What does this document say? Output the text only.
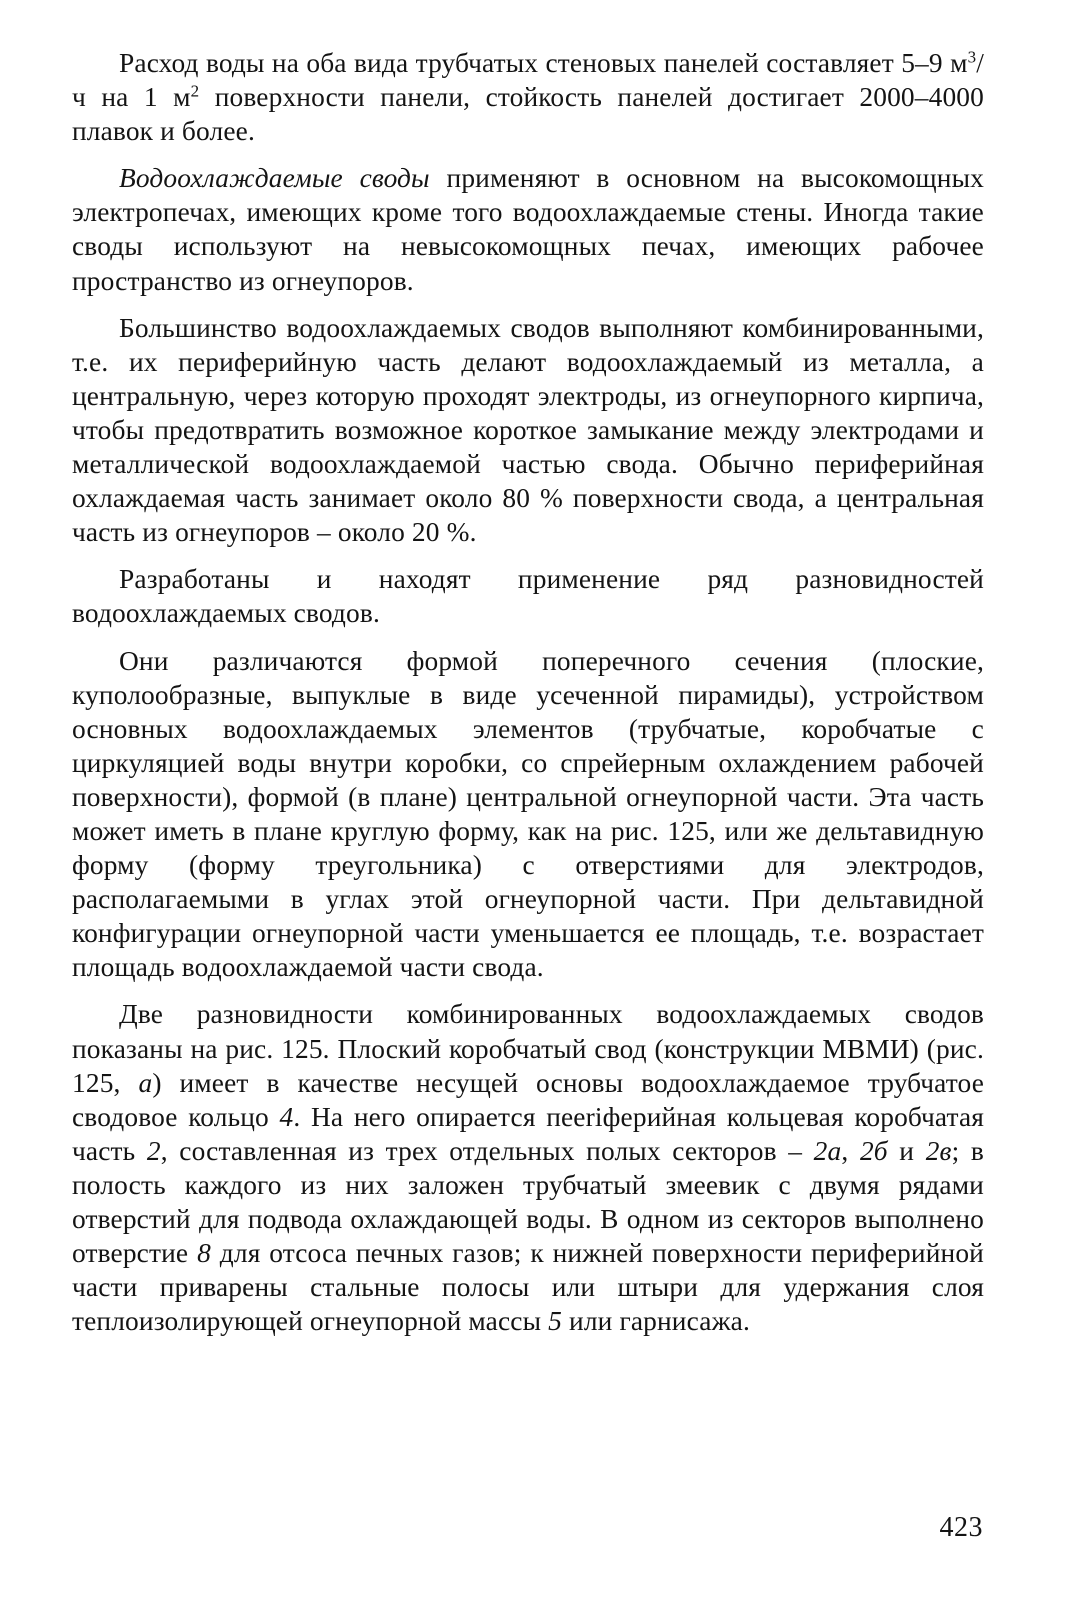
Расход воды на оба вида трубчатых стеновых панелей составляет 5–9 $м^3/ч$ на 1 $м^2$ поверхности панели, стойкость панелей достигает 2000–4000 плавок и более.

Водоохлаждаемые своды применяют в основном на высокомощных электропечах, имеющих кроме того водоохлаждаемые стены. Иногда такие своды используют на невысокомощных печах, имеющих рабочее пространство из огнеупоров.

Большинство водоохлаждаемых сводов выполняют комбинированными, т.е. их периферийную часть делают водоохлаждаемый из металла, а центральную, через которую проходят электроды, из огнеупорного кирпича, чтобы предотвратить возможное короткое замыкание между электродами и металлической водоохлаждаемой частью свода. Обычно периферийная охлаждаемая часть занимает около 80 % поверхности свода, а центральная часть из огнеупоров – около 20 %.

Разработаны и находят применение ряд разновидностей водоохлаждаемых сводов.

Они различаются формой поперечного сечения (плоские, куполообразные, выпуклые в виде усеченной пирамиды), устройством основных водоохлаждаемых элементов (трубчатые, коробчатые с циркуляцией воды внутри коробки, со спрейерным охлаждением рабочей поверхности), формой (в плане) центральной огнеупорной части. Эта часть может иметь в плане круглую форму, как на рис. 125, или же дельтавидную форму (форму треугольника) с отверстиями для электродов, располагаемыми в углах этой огнеупорной части. При дельтавидной конфигурации огнеупорной части уменьшается ее площадь, т.е. возрастает площадь водоохлаждаемой части свода.

Две разновидности комбинированных водоохлаждаемых сводов показаны на рис. 125. Плоский коробчатый свод (конструкции МВМИ) (рис. 125, а) имеет в качестве несущей основы водоохлаждаемое трубчатое сводовое кольцо 4. На него опирается пееriферийная кольцевая коробчатая часть 2, составленная из трех отдельных полых секторов – 2а, 2б и 2в; в полость каждого из них заложен трубчатый змеевик с двумя рядами отверстий для подвода охлаждающей воды. В одном из секторов выполнено отверстие 8 для отсоса печных газов; к нижней поверхности периферийной части приварены стальные полосы или штыри для удержания слоя теплоизолирующей огнеупорной массы 5 или гарнисажа.

423
